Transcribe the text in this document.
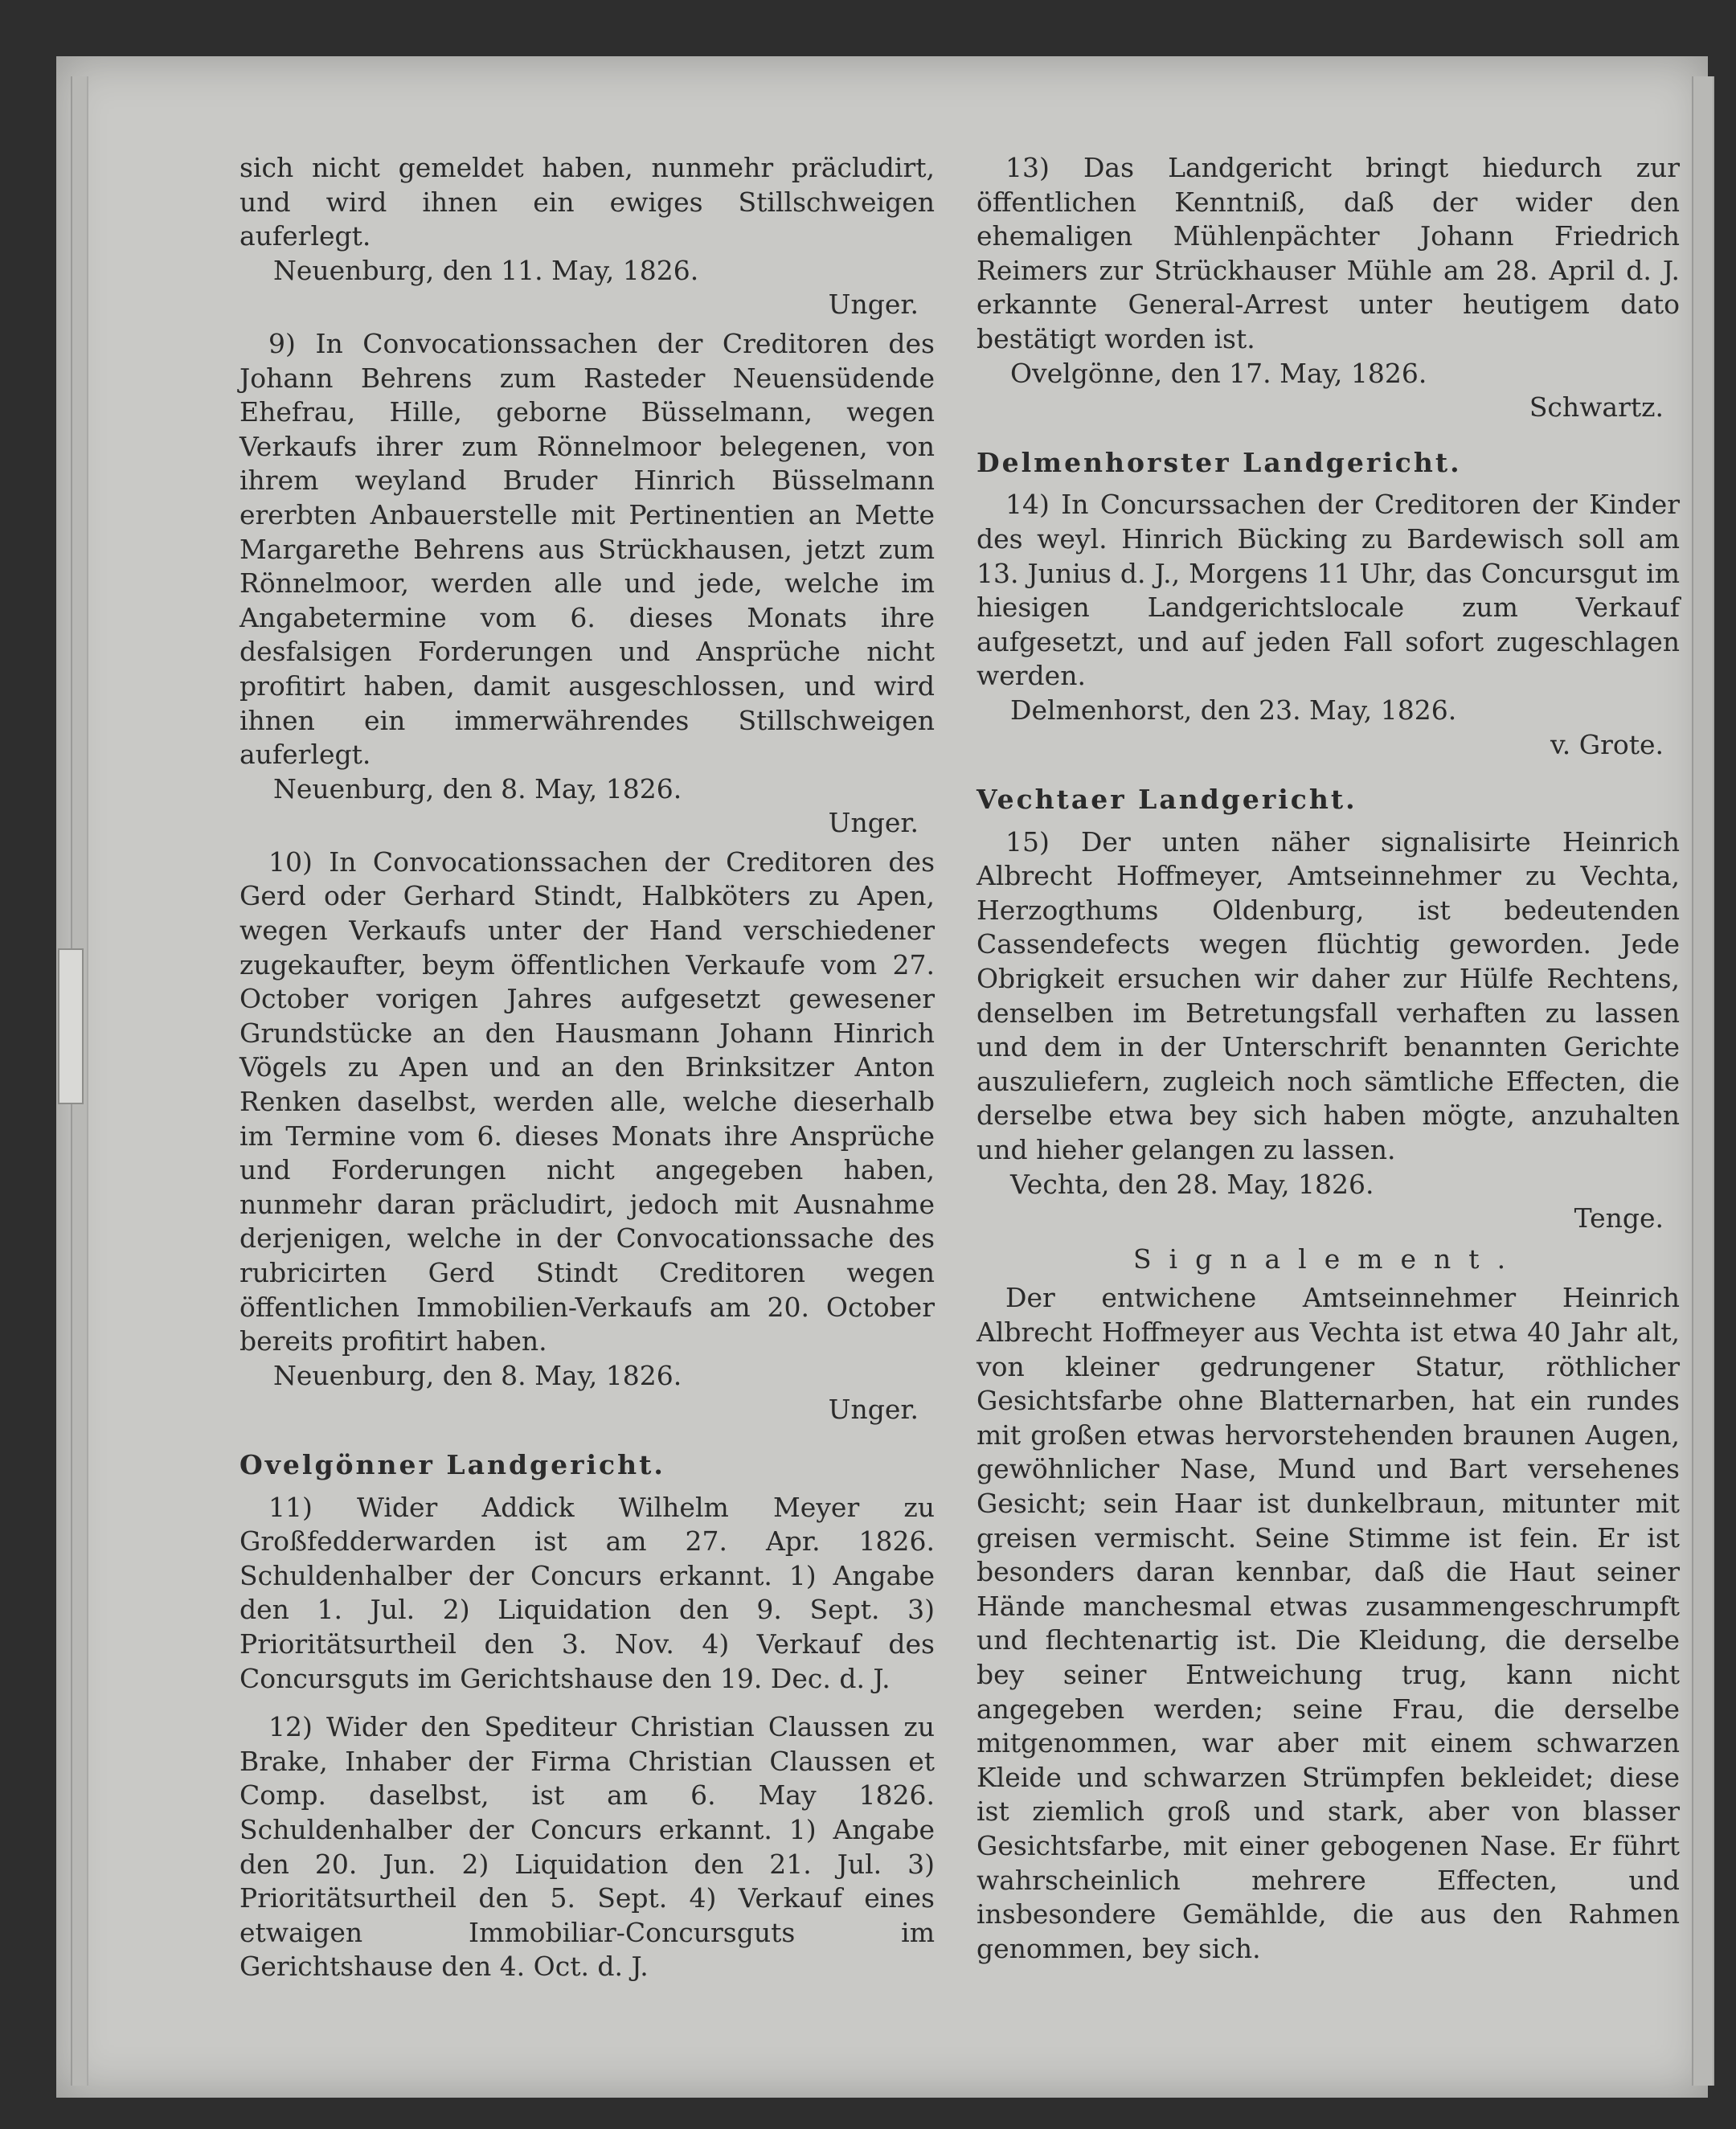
sich nicht gemeldet haben, nunmehr präcludirt, und wird ihnen ein ewiges Stillschweigen auferlegt.

Neuenburg, den 11. May, 1826.

Unger.

9) In Convocationssachen der Creditoren des Johann Behrens zum Rasteder Neuensüdende Ehefrau, Hille, geborne Büsselmann, wegen Verkaufs ihrer zum Rönnelmoor belegenen, von ihrem weyland Bruder Hinrich Büsselmann ererbten Anbauerstelle mit Pertinentien an Mette Margarethe Behrens aus Strückhausen, jetzt zum Rönnelmoor, werden alle und jede, welche im Angabetermine vom 6. dieses Monats ihre desfalsigen Forderungen und Ansprüche nicht profitirt haben, damit ausgeschlossen, und wird ihnen ein immerwährendes Stillschweigen auferlegt.

Neuenburg, den 8. May, 1826.

Unger.

10) In Convocationssachen der Creditoren des Gerd oder Gerhard Stindt, Halbköters zu Apen, wegen Verkaufs unter der Hand verschiedener zugekaufter, beym öffentlichen Verkaufe vom 27. October vorigen Jahres aufgesetzt gewesener Grundstücke an den Hausmann Johann Hinrich Vögels zu Apen und an den Brinksitzer Anton Renken daselbst, werden alle, welche dieserhalb im Termine vom 6. dieses Monats ihre Ansprüche und Forderungen nicht angegeben haben, nunmehr daran präcludirt, jedoch mit Ausnahme derjenigen, welche in der Convocationssache des rubricirten Gerd Stindt Creditoren wegen öffentlichen Immobilien-Verkaufs am 20. October bereits profitirt haben.

Neuenburg, den 8. May, 1826.

Unger.

Ovelgönner Landgericht.

11) Wider Addick Wilhelm Meyer zu Großfedderwarden ist am 27. Apr. 1826. Schuldenhalber der Concurs erkannt. 1) Angabe den 1. Jul. 2) Liquidation den 9. Sept. 3) Prioritätsurtheil den 3. Nov. 4) Verkauf des Concursguts im Gerichtshause den 19. Dec. d. J.

12) Wider den Spediteur Christian Claussen zu Brake, Inhaber der Firma Christian Claussen et Comp. daselbst, ist am 6. May 1826. Schuldenhalber der Concurs erkannt. 1) Angabe den 20. Jun. 2) Liquidation den 21. Jul. 3) Prioritätsurtheil den 5. Sept. 4) Verkauf eines etwaigen Immobiliar-Concursguts im Gerichtshause den 4. Oct. d. J.

13) Das Landgericht bringt hiedurch zur öffentlichen Kenntniß, daß der wider den ehemaligen Mühlenpächter Johann Friedrich Reimers zur Strückhauser Mühle am 28. April d. J. erkannte General-Arrest unter heutigem dato bestätigt worden ist.

Ovelgönne, den 17. May, 1826.

Schwartz.

Delmenhorster Landgericht.

14) In Concurssachen der Creditoren der Kinder des weyl. Hinrich Bücking zu Bardewisch soll am 13. Junius d. J., Morgens 11 Uhr, das Concursgut im hiesigen Landgerichtslocale zum Verkauf aufgesetzt, und auf jeden Fall sofort zugeschlagen werden.

Delmenhorst, den 23. May, 1826.

v. Grote.

Vechtaer Landgericht.

15) Der unten näher signalisirte Heinrich Albrecht Hoffmeyer, Amtseinnehmer zu Vechta, Herzogthums Oldenburg, ist bedeutenden Cassendefects wegen flüchtig geworden. Jede Obrigkeit ersuchen wir daher zur Hülfe Rechtens, denselben im Betretungsfall verhaften zu lassen und dem in der Unterschrift benannten Gerichte auszuliefern, zugleich noch sämtliche Effecten, die derselbe etwa bey sich haben mögte, anzuhalten und hieher gelangen zu lassen.

Vechta, den 28. May, 1826.

Tenge.

Signalement.

Der entwichene Amtseinnehmer Heinrich Albrecht Hoffmeyer aus Vechta ist etwa 40 Jahr alt, von kleiner gedrungener Statur, röthlicher Gesichtsfarbe ohne Blatternarben, hat ein rundes mit großen etwas hervorstehenden braunen Augen, gewöhnlicher Nase, Mund und Bart versehenes Gesicht; sein Haar ist dunkelbraun, mitunter mit greisen vermischt. Seine Stimme ist fein. Er ist besonders daran kennbar, daß die Haut seiner Hände manchesmal etwas zusammengeschrumpft und flechtenartig ist. Die Kleidung, die derselbe bey seiner Entweichung trug, kann nicht angegeben werden; seine Frau, die derselbe mitgenommen, war aber mit einem schwarzen Kleide und schwarzen Strümpfen bekleidet; diese ist ziemlich groß und stark, aber von blasser Gesichtsfarbe, mit einer gebogenen Nase. Er führt wahrscheinlich mehrere Effecten, und insbesondere Gemählde, die aus den Rahmen genommen, bey sich.
